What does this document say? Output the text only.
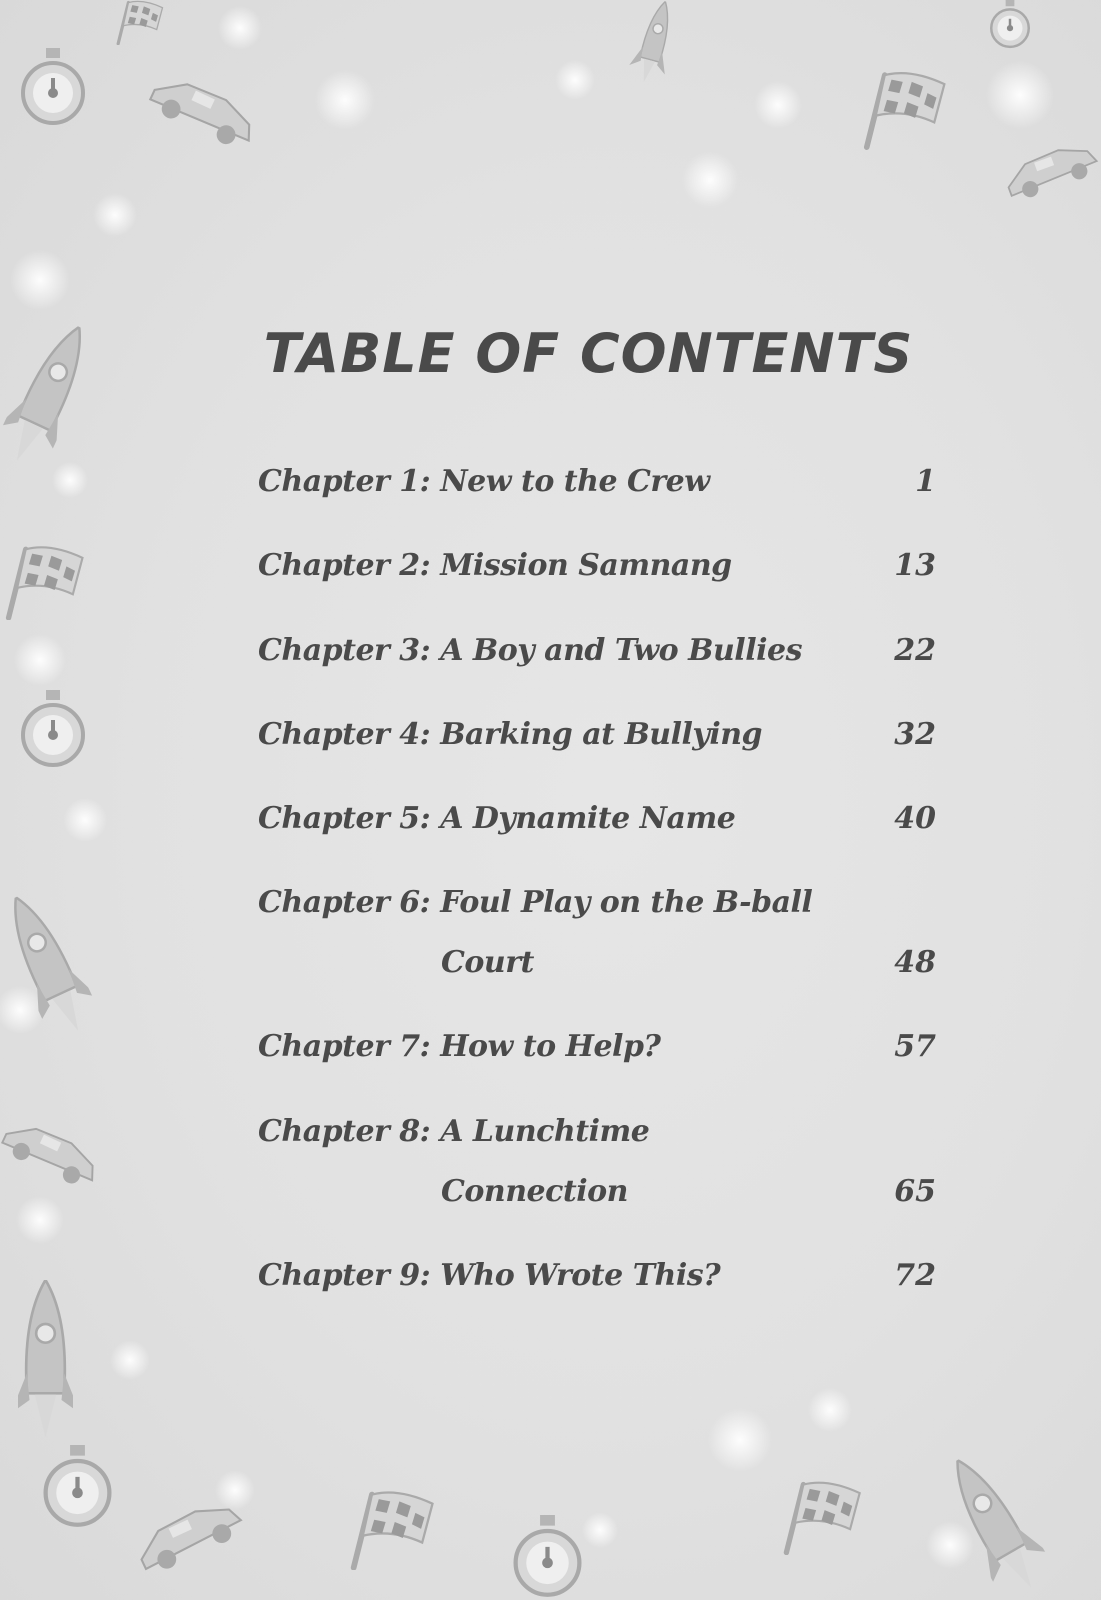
TABLE OF CONTENTS
Chapter 1: New to the Crew	1
Chapter 2: Mission Samnang	13
Chapter 3: A Boy and Two Bullies	22
Chapter 4: Barking at Bullying	32
Chapter 5: A Dynamite Name	40
Chapter 6: Foul Play on the B-ball
Court	48
Chapter 7: How to Help?	57
Chapter 8: A Lunchtime
Connection	65
Chapter 9: Who Wrote This?	72
